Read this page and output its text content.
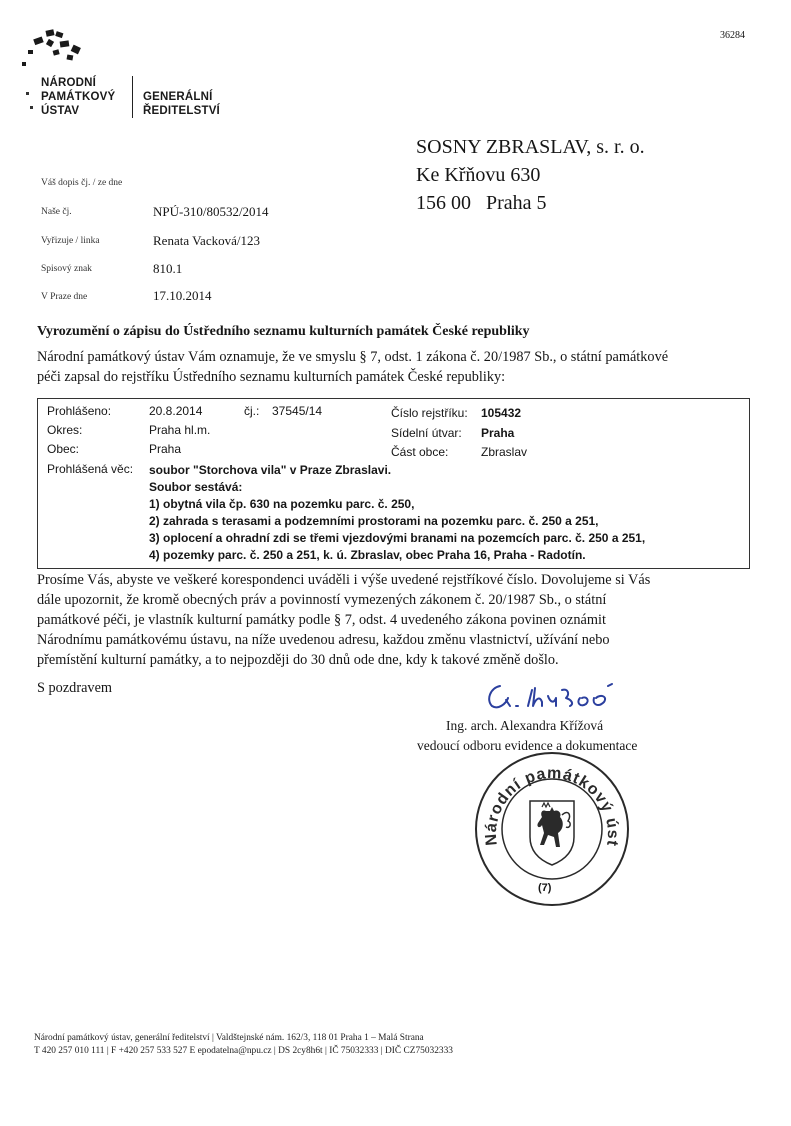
36284
NÁRODNÍ
PAMÁTKOVÝ
ÚSTAV
GENERÁLNÍ
ŘEDITELSTVÍ
SOSNY ZBRASLAV, s. r. o.
Ke Křňovu 630
156 00   Praha 5
Váš dopis čj. / ze dne
Naše čj.	NPÚ-310/80532/2014
Vyřizuje / linka	Renata Vacková/123
Spisový znak	810.1
V Praze dne	17.10.2014
Vyrozumění o zápisu do Ústředního seznamu kulturních památek České republiky
Národní památkový ústav Vám oznamuje, že ve smyslu § 7, odst. 1 zákona č. 20/1987 Sb., o státní památkové
péči zapsal do rejstříku Ústředního seznamu kulturních památek České republiky:
Prohlášeno:	20.8.2014	čj.: 37545/14	Číslo rejstříku: 105432
Okres:	Praha hl.m.	Sídelní útvar: Praha
Obec:	Praha	Část obce:	Zbraslav
Prohlášená věc: soubor "Storchova vila" v Praze Zbraslavi.
Soubor sestává:
1) obytná vila čp. 630 na pozemku parc. č. 250,
2) zahrada s terasami a podzemními prostorami na pozemku parc. č. 250 a 251,
3) oplocení a ohradní zdi se třemi vjezdovými branami na pozemcích parc. č. 250 a 251,
4) pozemky parc. č. 250 a 251, k. ú. Zbraslav, obec Praha 16, Praha - Radotín.
Prosíme Vás, abyste ve veškeré korespondenci uváděli i výše uvedené rejstříkové číslo. Dovolujeme si Vás
dále upozornit, že kromě obecných práv a povinností vymezených zákonem č. 20/1987 Sb., o státní
památkové péči, je vlastník kulturní památky podle § 7, odst. 4 uvedeného zákona povinen oznámit
Národnímu památkovému ústavu, na níže uvedenou adresu, každou změnu vlastnictví, užívání nebo
přemístění kulturní památky, a to nejpozději do 30 dnů ode dne, kdy k takové změně došlo.
S pozdravem
Ing. arch. Alexandra Křížová
vedoucí odboru evidence a dokumentace
Národní památkový úst
(7)
Národní památkový ústav, generální ředitelství | Valdštejnské nám. 162/3, 118 01 Praha 1 – Malá Strana
T 420 257 010 111 | F +420 257 533 527 E epodatelna@npu.cz | DS 2cy8h6t | IČ 75032333 | DIČ CZ75032333
